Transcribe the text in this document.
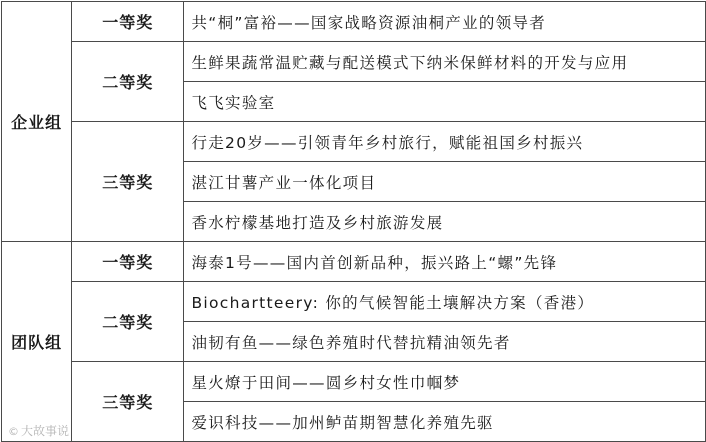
企业组	一等奖	共“桐”富裕——国家战略资源油桐产业的领导者
	二等奖	生鲜果蔬常温贮藏与配送模式下纳米保鲜材料的开发与应用
		飞飞实验室
	三等奖	行走20岁——引领青年乡村旅行，赋能祖国乡村振兴
		湛江甘薯产业一体化项目
		香水柠檬基地打造及乡村旅游发展
团队组	一等奖	海泰1号——国内首创新品种，振兴路上“螺”先锋
	二等奖	Biochartteery: 你的气候智能土壤解决方案（香港）
		油韧有鱼——绿色养殖时代替抗精油领先者
	三等奖	星火燎于田间——圆乡村女性巾帼梦
		爱识科技——加州鲈苗期智慧化养殖先驱
© 大故事说
